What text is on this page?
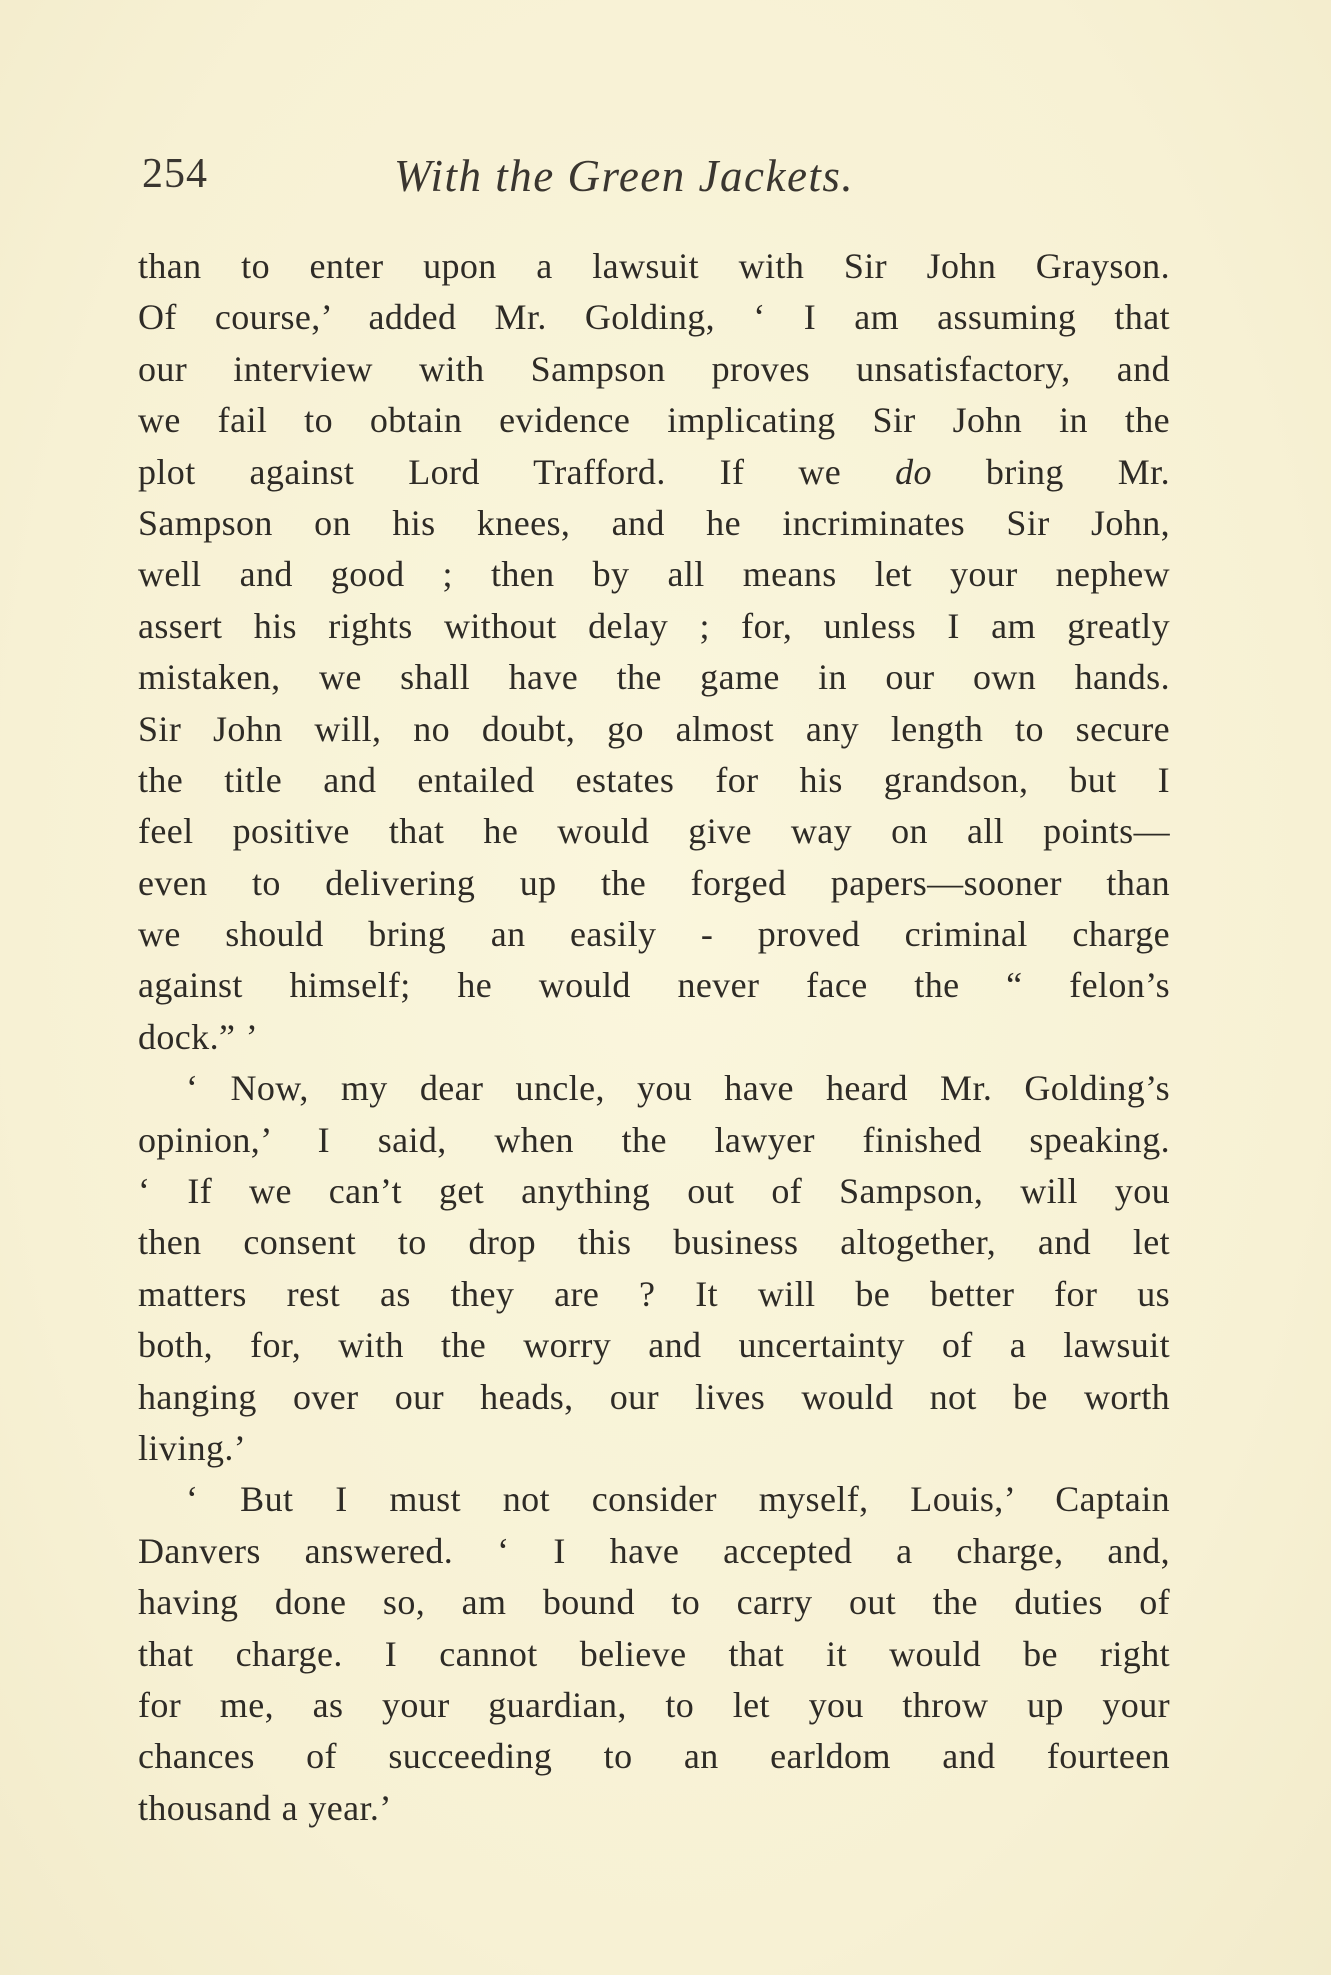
254	With the Green Jackets.
than to enter upon a lawsuit with Sir John Grayson.
Of course,’ added Mr. Golding, ‘ I am assuming that
our interview with Sampson proves unsatisfactory, and
we fail to obtain evidence implicating Sir John in the
plot against Lord Trafford. If we do bring Mr.
Sampson on his knees, and he incriminates Sir John,
well and good ; then by all means let your nephew
assert his rights without delay ; for, unless I am greatly
mistaken, we shall have the game in our own hands.
Sir John will, no doubt, go almost any length to secure
the title and entailed estates for his grandson, but I
feel positive that he would give way on all points—
even to delivering up the forged papers—sooner than
we should bring an easily - proved criminal charge
against himself; he would never face the “ felon’s
dock.” ’
‘ Now, my dear uncle, you have heard Mr. Golding’s
opinion,’ I said, when the lawyer finished speaking.
‘ If we can’t get anything out of Sampson, will you
then consent to drop this business altogether, and let
matters rest as they are ? It will be better for us
both, for, with the worry and uncertainty of a lawsuit
hanging over our heads, our lives would not be worth
living.’
‘ But I must not consider myself, Louis,’ Captain
Danvers answered. ‘ I have accepted a charge, and,
having done so, am bound to carry out the duties of
that charge. I cannot believe that it would be right
for me, as your guardian, to let you throw up your
chances of succeeding to an earldom and fourteen
thousand a year.’
